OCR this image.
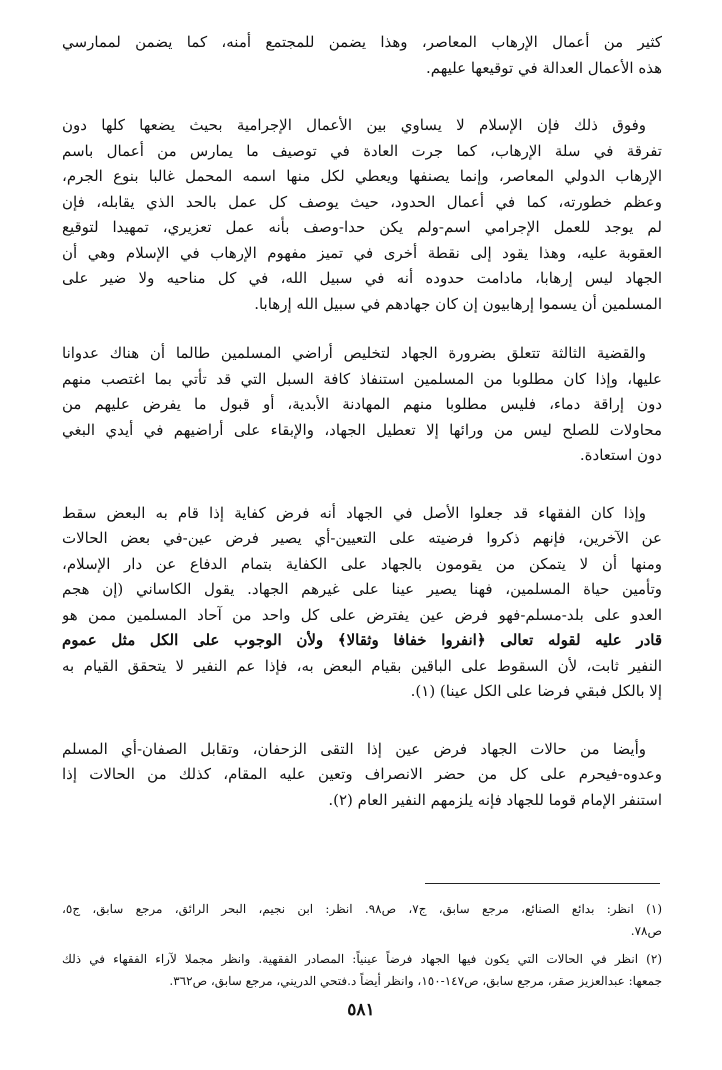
كثير من أعمال الإرهاب المعاصر، وهذا يضمن للمجتمع أمنه، كما يضمن لممارسي
هذه الأعمال العدالة في توقيعها عليهم.
وفوق ذلك فإن الإسلام لا يساوي بين الأعمال الإجرامية بحيث يضعها كلها دون
تفرقة في سلة الإرهاب، كما جرت العادة في توصيف ما يمارس من أعمال باسم
الإرهاب الدولي المعاصر، وإنما يصنفها ويعطي لكل منها اسمه المحمل غالبا بنوع الجرم،
وعظم خطورته، كما في أعمال الحدود، حيث يوصف كل عمل بالحد الذي يقابله، فإن
لم يوجد للعمل الإجرامي اسم-ولم يكن حدا-وصف بأنه عمل تعزيري، تمهيدا لتوقيع
العقوبة عليه، وهذا يقود إلى نقطة أخرى في تميز مفهوم الإرهاب في الإسلام وهي أن
الجهاد ليس إرهابا، مادامت حدوده أنه في سبيل الله، في كل مناحيه ولا ضير على
المسلمين أن يسموا إرهابيون إن كان جهادهم في سبيل الله إرهابا.
والقضية الثالثة تتعلق بضرورة الجهاد لتخليص أراضي المسلمين طالما أن هناك عدوانا
عليها، وإذا كان مطلوبا من المسلمين استنفاذ كافة السبل التي قد تأتي بما اغتصب منهم
دون إراقة دماء، فليس مطلوبا منهم المهادنة الأبدية، أو قبول ما يفرض عليهم من
محاولات للصلح ليس من ورائها إلا تعطيل الجهاد، والإبقاء على أراضيهم في أيدي البغي
دون استعادة.
وإذا كان الفقهاء قد جعلوا الأصل في الجهاد أنه فرض كفاية إذا قام به البعض سقط
عن الآخرين، فإنهم ذكروا فرضيته على التعيين-أي يصير فرض عين-في بعض الحالات
ومنها أن لا يتمكن من يقومون بالجهاد على الكفاية بتمام الدفاع عن دار الإسلام،
وتأمين حياة المسلمين، فهنا يصير عينا على غيرهم الجهاد. يقول الكاساني (إن هجم
العدو على بلد-مسلم-فهو فرض عين يفترض على كل واحد من آحاد المسلمين ممن هو
قادر عليه لقوله تعالى ﴿انفروا خفافا وثقالا﴾ ولأن الوجوب على الكل مثل عموم
النفير ثابت، لأن السقوط على الباقين بقيام البعض به، فإذا عم النفير لا يتحقق القيام به
إلا بالكل فبقي فرضا على الكل عينا) (١).
وأيضا من حالات الجهاد فرض عين إذا التقى الزحفان، وتقابل الصفان-أي المسلم
وعدوه-فيحرم على كل من حضر الانصراف وتعين عليه المقام، كذلك من الحالات إذا
استنفر الإمام قوما للجهاد فإنه يلزمهم النفير العام (٢).
(١) انظر: بدائع الصنائع، مرجع سابق، ج٧، ص٩٨. انظر: ابن نجيم، البحر الرائق، مرجع سابق، ج٥،
ص٧٨.
(٢) انظر في الحالات التي يكون فيها الجهاد فرضاً عينياً: المصادر الفقهية. وانظر مجملا لآراء الفقهاء في ذلك
جمعها: عبدالعزيز صقر، مرجع سابق، ص١٤٧-١٥٠، وانظر أيضاً د.فتحي الدريني، مرجع سابق، ص٣٦٢.
٥٨١
